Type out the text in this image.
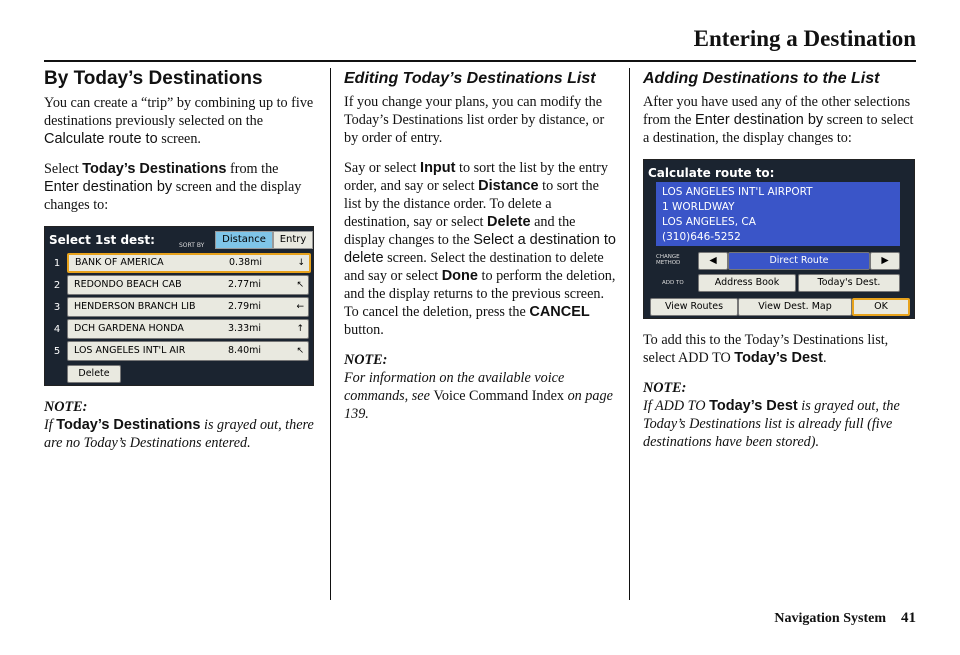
Entering a Destination
By Today’s Destinations

You can create a “trip” by combining up to five destinations previously selected on the Calculate route to screen.

Select Today’s Destinations from the Enter destination by screen and the display changes to:

Select 1st dest:	SORT BY
Distance	Entry
1 BANK OF AMERICA	0.38mi	↓
2 REDONDO BEACH CAB	2.77mi	↖
3 HENDERSON BRANCH LIB	2.79mi	←
4 DCH GARDENA HONDA	3.33mi	↑
5 LOS ANGELES INT'L AIR	8.40mi	↖
Delete

NOTE:
If Today’s Destinations is grayed out, there are no Today’s Destinations entered.

Editing Today’s Destinations List

If you change your plans, you can modify the Today’s Destinations list order by distance, or by order of entry.

Say or select Input to sort the list by the entry order, and say or select Distance to sort the list by the distance order. To delete a destination, say or select Delete and the display changes to the Select a destination to delete screen. Select the destination to delete and say or select Done to perform the deletion, and the display returns to the previous screen. To cancel the deletion, press the CANCEL button.

NOTE:
For information on the available voice commands, see Voice Command Index on page 139.

Adding Destinations to the List

After you have used any of the other selections from the Enter destination by screen to select a destination, the display changes to:

Calculate route to:
LOS ANGELES INT'L AIRPORT
1 WORLDWAY
LOS ANGELES, CA
(310)646-5252
CHANGE
METHOD	◀	Direct Route	▶
ADD TO	Address Book	Today's Dest.
View Routes	View Dest. Map	OK

To add this to the Today’s Destinations list, select ADD TO Today’s Dest.

NOTE:
If ADD TO Today’s Dest is grayed out, the Today’s Destinations list is already full (five destinations have been stored).

Navigation System 41
